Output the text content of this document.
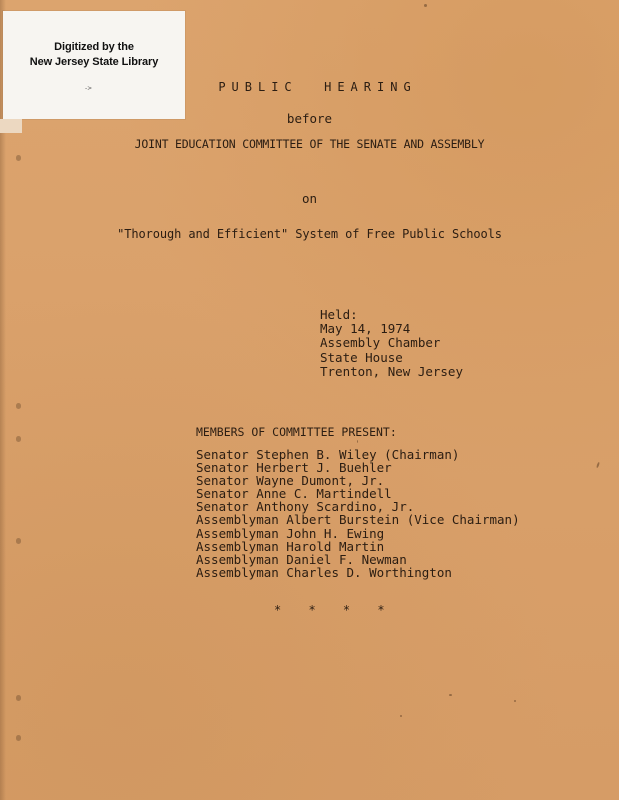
Digitized by the
New Jersey State Library
->	PUBLIC  HEARING
before
JOINT EDUCATION COMMITTEE OF THE SENATE AND ASSEMBLY
on
"Thorough and Efficient" System of Free Public Schools
Held:
May 14, 1974
Assembly Chamber
State House
Trenton, New Jersey
MEMBERS OF COMMITTEE PRESENT:
Senator Stephen B. Wiley (Chairman)
Senator Herbert J. Buehler
Senator Wayne Dumont, Jr.
Senator Anne C. Martindell
Senator Anthony Scardino, Jr.
Assemblyman Albert Burstein (Vice Chairman)
Assemblyman John H. Ewing
Assemblyman Harold Martin
Assemblyman Daniel F. Newman
Assemblyman Charles D. Worthington
* * * *
